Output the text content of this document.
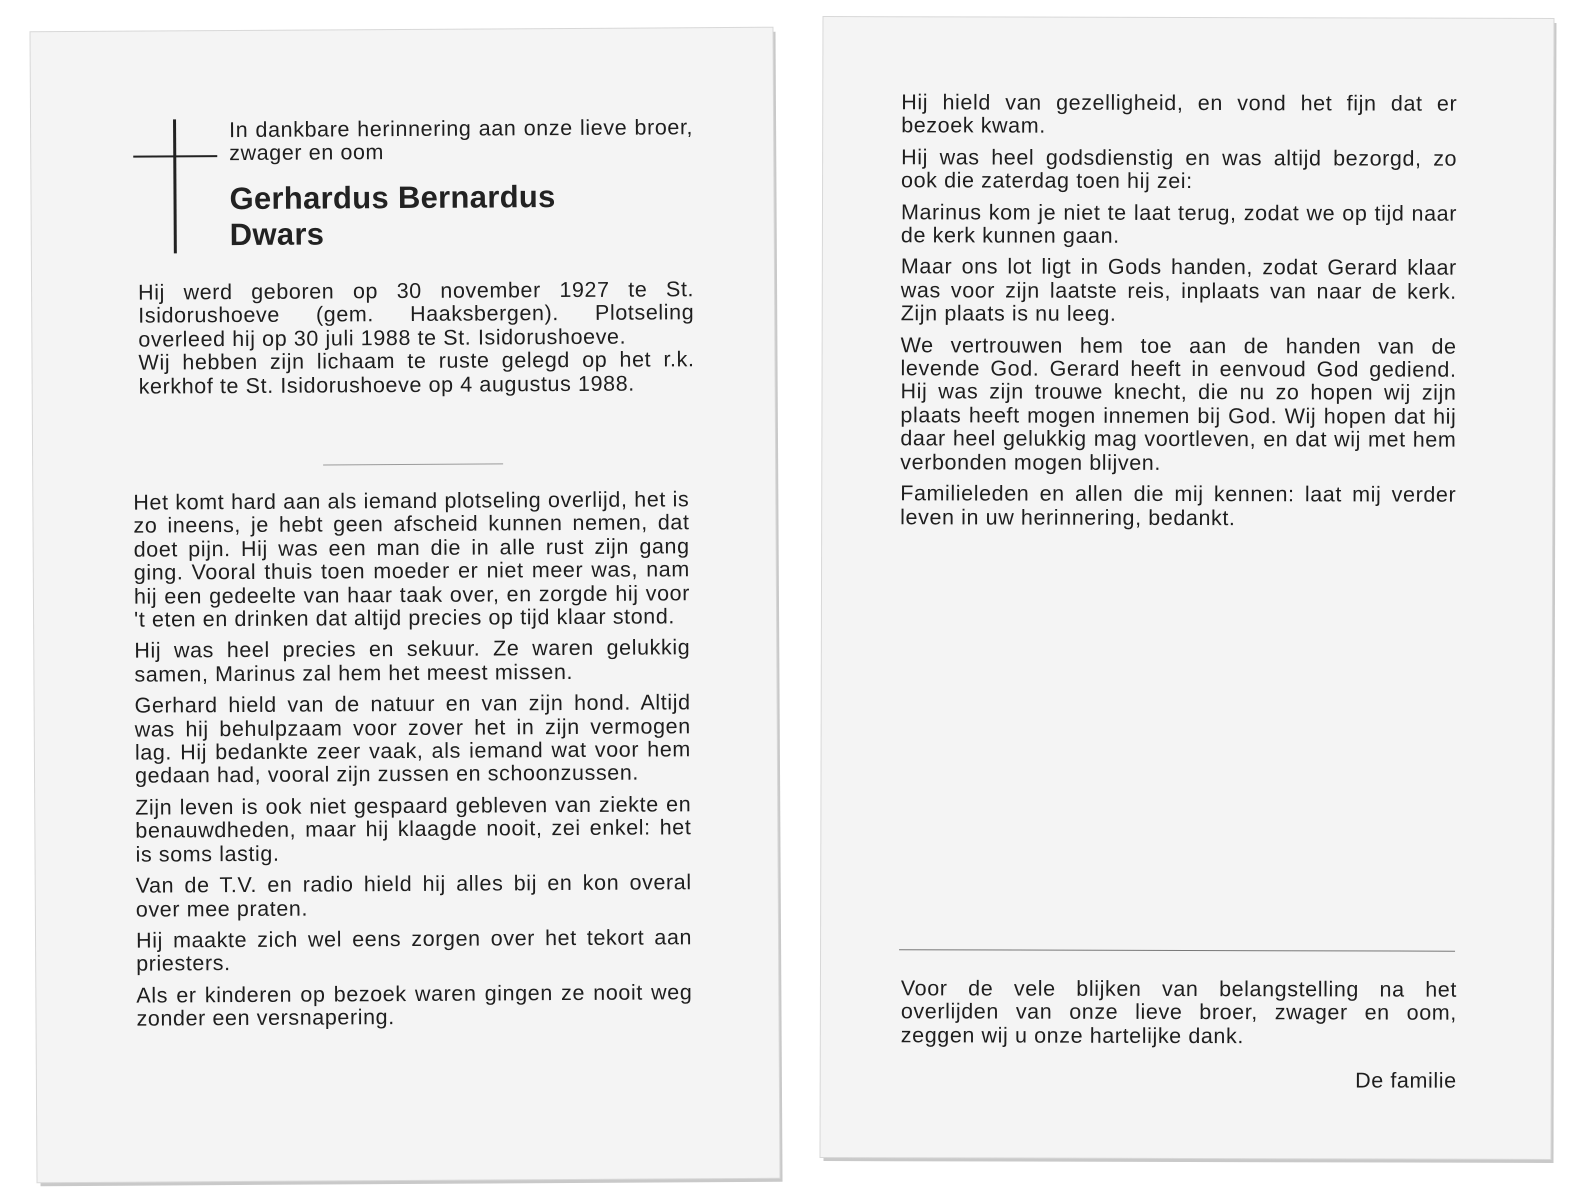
In dankbare herinnering aan onze lieve broer, zwager en oom

Gerhardus Bernardus
Dwars

Hij werd geboren op 30 november 1927 te St. Isidorushoeve (gem. Haaksbergen). Plotseling overleed hij op 30 juli 1988 te St. Isidorushoeve.

Wij hebben zijn lichaam te ruste gelegd op het r.k. kerkhof te St. Isidorushoeve op 4 augustus 1988.

Het komt hard aan als iemand plotseling overlijd, het is zo ineens, je hebt geen afscheid kunnen nemen, dat doet pijn. Hij was een man die in alle rust zijn gang ging. Vooral thuis toen moeder er niet meer was, nam hij een gedeelte van haar taak over, en zorgde hij voor 't eten en drinken dat altijd precies op tijd klaar stond.

Hij was heel precies en sekuur. Ze waren gelukkig samen, Marinus zal hem het meest missen.

Gerhard hield van de natuur en van zijn hond. Altijd was hij behulpzaam voor zover het in zijn vermogen lag. Hij bedankte zeer vaak, als iemand wat voor hem gedaan had, vooral zijn zussen en schoonzussen.

Zijn leven is ook niet gespaard gebleven van ziekte en benauwdheden, maar hij klaagde nooit, zei enkel: het is soms lastig.

Van de T.V. en radio hield hij alles bij en kon overal over mee praten.

Hij maakte zich wel eens zorgen over het tekort aan priesters.

Als er kinderen op bezoek waren gingen ze nooit weg zonder een versnapering.

Hij hield van gezelligheid, en vond het fijn dat er bezoek kwam.

Hij was heel godsdienstig en was altijd bezorgd, zo ook die zaterdag toen hij zei:

Marinus kom je niet te laat terug, zodat we op tijd naar de kerk kunnen gaan.

Maar ons lot ligt in Gods handen, zodat Gerard klaar was voor zijn laatste reis, inplaats van naar de kerk. Zijn plaats is nu leeg.

We vertrouwen hem toe aan de handen van de levende God. Gerard heeft in eenvoud God gediend. Hij was zijn trouwe knecht, die nu zo hopen wij zijn plaats heeft mogen innemen bij God. Wij hopen dat hij daar heel gelukkig mag voortleven, en dat wij met hem verbonden mogen blijven.

Familieleden en allen die mij kennen: laat mij verder leven in uw herinnering, bedankt.

Voor de vele blijken van belangstelling na het overlijden van onze lieve broer, zwager en oom, zeggen wij u onze hartelijke dank.

De familie
